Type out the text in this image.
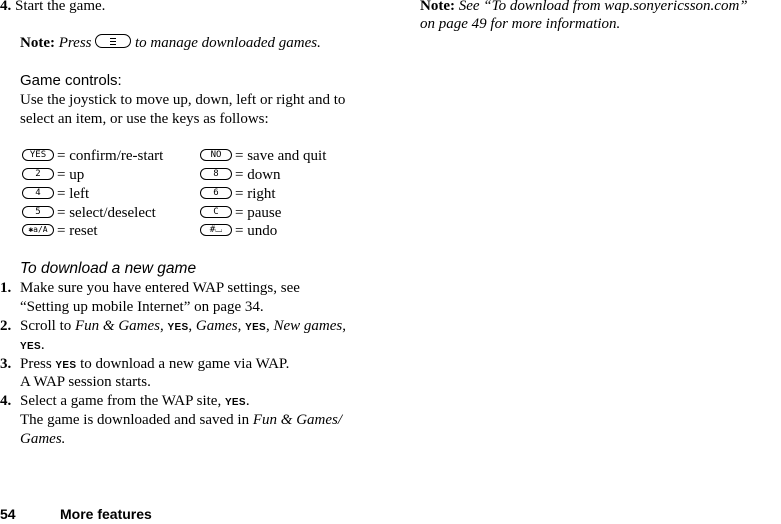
4. Start the game.
Note: Press	to manage downloaded games.
Game controls:
Use the joystick to move up, down, left or right and to
select an item, or use the keys as follows:
YES = confirm/re-start	NO = save and quit
2	= up	8	= down
4	= left	6	= right
5	= select/deselect	C	= pause
✱a/A = reset	#⌴ = undo
To download a new game
1. Make sure you have entered WAP settings, see
“Setting up mobile Internet” on page 34.
2. Scroll to Fun & Games, YES, Games, YES, New games,
YES.
3. Press YES to download a new game via WAP.
A WAP session starts.
4. Select a game from the WAP site, YES.
The game is downloaded and saved in Fun & Games/
Games.
Note: See “To download from wap.sonyericsson.com”
on page 49 for more information.
54	More features
